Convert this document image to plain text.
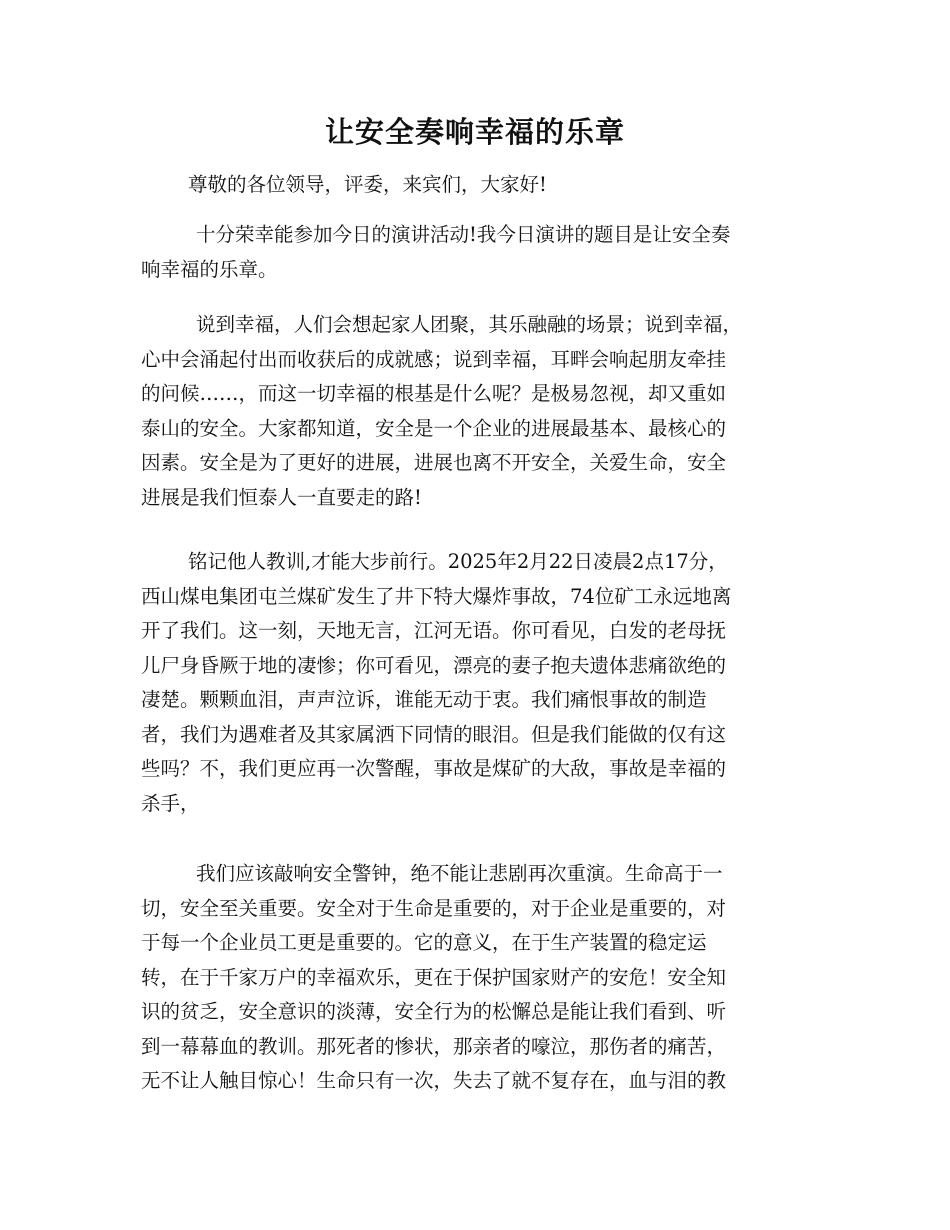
让安全奏响幸福的乐章
尊敬的各位领导，评委，来宾们，大家好!
十分荣幸能参加今日的演讲活动!我今日演讲的题目是让安全奏
响幸福的乐章。
说到幸福，人们会想起家人团聚，其乐融融的场景；说到幸福，
心中会涌起付出而收获后的成就感；说到幸福，耳畔会响起朋友牵挂
的问候……，而这一切幸福的根基是什么呢？是极易忽视，却又重如
泰山的安全。大家都知道，安全是一个企业的进展最基本、最核心的
因素。安全是为了更好的进展，进展也离不开安全，关爱生命，安全
进展是我们恒泰人一直要走的路!
铭记他人教训,才能大步前行。2025年2月22日凌晨2点17分，
西山煤电集团屯兰煤矿发生了井下特大爆炸事故，74位矿工永远地离
开了我们。这一刻，天地无言，江河无语。你可看见，白发的老母抚
儿尸身昏厥于地的凄惨；你可看见，漂亮的妻子抱夫遗体悲痛欲绝的
凄楚。颗颗血泪，声声泣诉，谁能无动于衷。我们痛恨事故的制造
者，我们为遇难者及其家属洒下同情的眼泪。但是我们能做的仅有这
些吗？不，我们更应再一次警醒，事故是煤矿的大敌，事故是幸福的
杀手，
我们应该敲响安全警钟，绝不能让悲剧再次重演。生命高于一
切，安全至关重要。安全对于生命是重要的，对于企业是重要的，对
于每一个企业员工更是重要的。它的意义，在于生产装置的稳定运
转，在于千家万户的幸福欢乐，更在于保护国家财产的安危！安全知
识的贫乏，安全意识的淡薄，安全行为的松懈总是能让我们看到、听
到一幕幕血的教训。那死者的惨状，那亲者的嚎泣，那伤者的痛苦，
无不让人触目惊心！生命只有一次，失去了就不复存在，血与泪的教
